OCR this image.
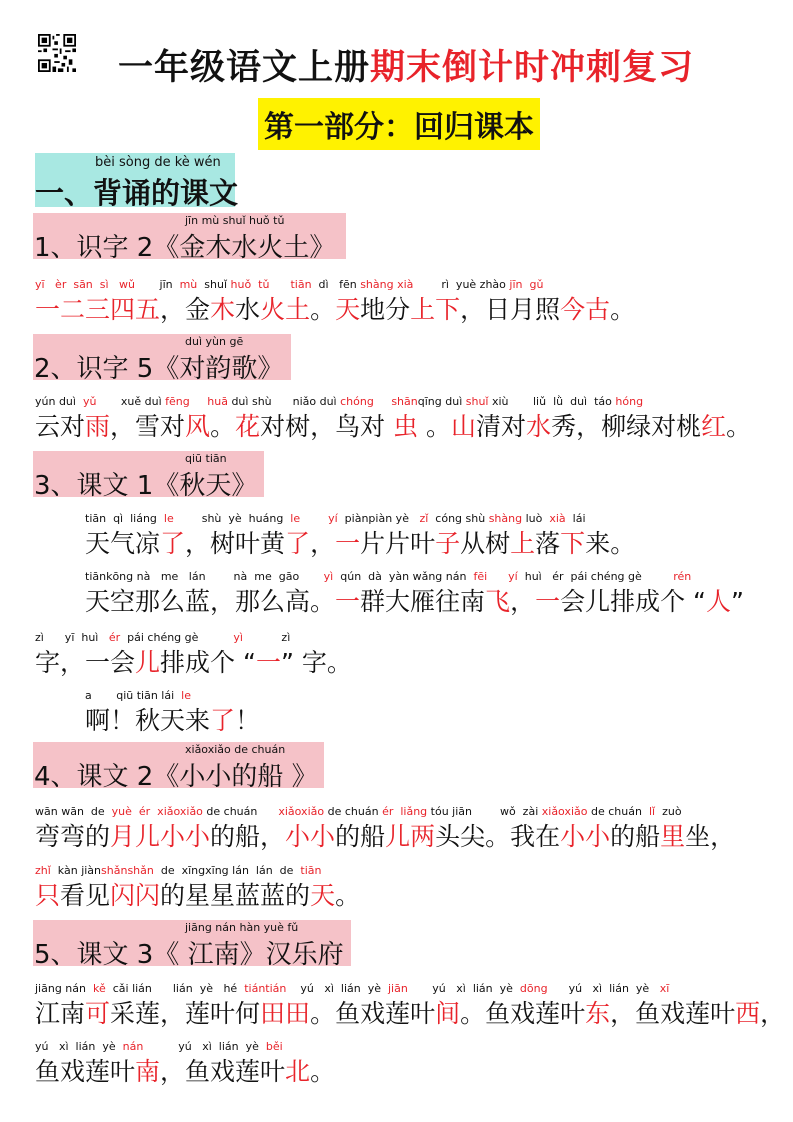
一年级语文上册期末倒计时冲刺复习
第一部分：回归课本
bèi sòng de kè wén
一、背诵的课文
jīn mù shuǐ huǒ tǔ
1、识字 2《金木水火土》
duì yùn gē
2、识字 5《对韵歌》
qiū tiān
3、课文 1《秋天》
xiǎoxiǎo de chuán
4、课文 2《小小的船 》
jiāng nán hàn yuè fǔ
5、课文 3《 江南》汉乐府
yī   èr  sān  sì   wǔ       jīn  mù  shuǐ huǒ  tǔ tiān  dì   fēn shàng xià        rì  yuè zhào jīn  gǔ
一二三四五，金木水火土。天地分上下，日月照今古。
yún duì  yǔ       xuě duì fēng huā duì shù      niǎo duì chóng shānqīng duì shuǐ xiù       liǔ  lǜ  duì  táo hóng
云对雨，雪对风。花对树，鸟对 虫 。山清对水秀，柳绿对桃红。
tiān  qì  liáng  le        shù  yè  huáng  le	yí  piànpiàn yè   zǐ  cóng shù shàng luò  xià  lái
天气凉了，树叶黄了，一片片叶子从树上落下来。
tiānkōng nà   me   lán        nà  me  gāo       yì  qún  dà  yàn wǎng nán  fēi yí  huì   ér  pái chéng gè         rén
天空那么蓝，那么高。一群大雁往南飞，一会儿排成个 “人”
zì      yī  huì   ér  pái chéng gè          yì           zì
字，一会儿排成个 “一” 字。
a       qiū tiān lái  le
啊！秋天来了！
wān wān  de  yuè  ér  xiǎoxiǎo de chuán      xiǎoxiǎo de chuán ér  liǎng tóu jiān        wǒ  zài xiǎoxiǎo de chuán  lǐ  zuò
弯弯的月儿小小的船，小小的船儿两头尖。我在小小的船里坐，
zhǐ  kàn jiànshǎnshǎn  de  xīngxīng lán  lán  de  tiān
只看见闪闪的星星蓝蓝的天。
jiāng nán  kě  cǎi lián      lián  yè   hé  tiántián    yú   xì  lián  yè  jiān       yú   xì  lián  yè  dōng      yú   xì  lián  yè   xī
江南可采莲，莲叶何田田。鱼戏莲叶间。鱼戏莲叶东，鱼戏莲叶西，
yú   xì  lián  yè  nán          yú   xì  lián  yè  běi
鱼戏莲叶南，鱼戏莲叶北。
